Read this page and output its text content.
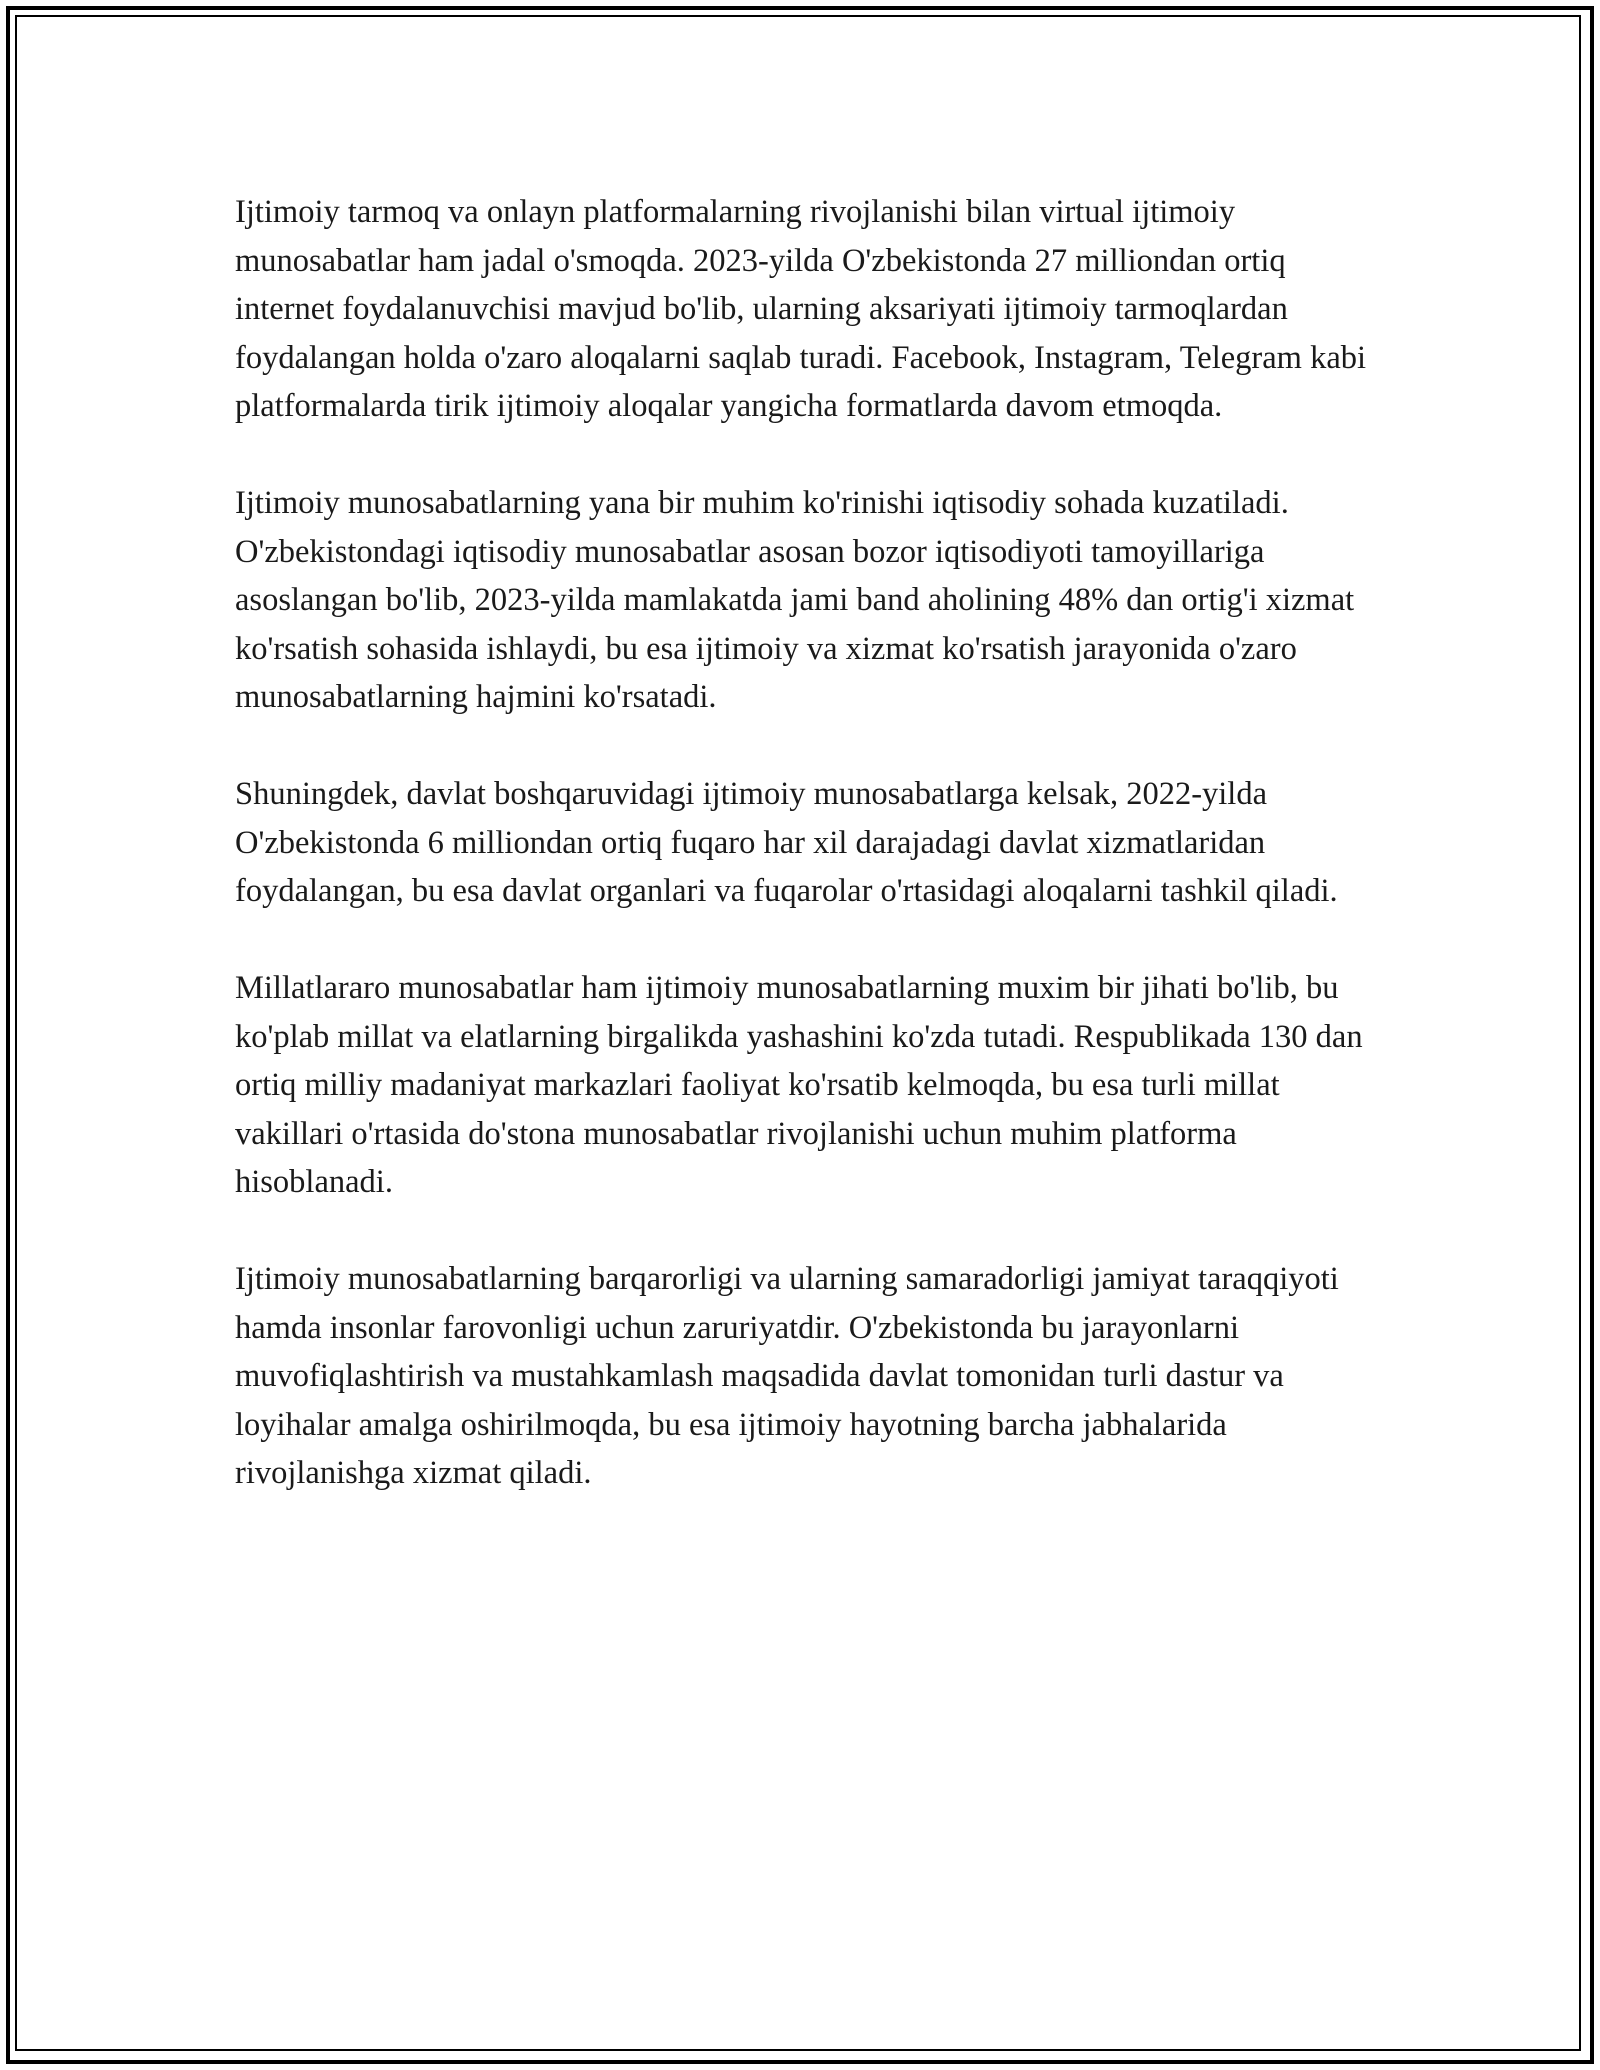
Ijtimoiy tarmoq va onlayn platformalarning rivojlanishi bilan virtual ijtimoiy munosabatlar ham jadal o'smoqda. 2023-yilda O'zbekistonda 27 milliondan ortiq internet foydalanuvchisi mavjud bo'lib, ularning aksariyati ijtimoiy tarmoqlardan foydalangan holda o'zaro aloqalarni saqlab turadi. Facebook, Instagram, Telegram kabi platformalarda tirik ijtimoiy aloqalar yangicha formatlarda davom etmoqda.

Ijtimoiy munosabatlarning yana bir muhim ko'rinishi iqtisodiy sohada kuzatiladi. O'zbekistondagi iqtisodiy munosabatlar asosan bozor iqtisodiyoti tamoyillariga asoslangan bo'lib, 2023-yilda mamlakatda jami band aholining 48% dan ortig'i xizmat ko'rsatish sohasida ishlaydi, bu esa ijtimoiy va xizmat ko'rsatish jarayonida o'zaro munosabatlarning hajmini ko'rsatadi.

Shuningdek, davlat boshqaruvidagi ijtimoiy munosabatlarga kelsak, 2022-yilda O'zbekistonda 6 milliondan ortiq fuqaro har xil darajadagi davlat xizmatlaridan foydalangan, bu esa davlat organlari va fuqarolar o'rtasidagi aloqalarni tashkil qiladi.

Millatlararo munosabatlar ham ijtimoiy munosabatlarning muxim bir jihati bo'lib, bu ko'plab millat va elatlarning birgalikda yashashini ko'zda tutadi. Respublikada 130 dan ortiq milliy madaniyat markazlari faoliyat ko'rsatib kelmoqda, bu esa turli millat vakillari o'rtasida do'stona munosabatlar rivojlanishi uchun muhim platforma hisoblanadi.

Ijtimoiy munosabatlarning barqarorligi va ularning samaradorligi jamiyat taraqqiyoti hamda insonlar farovonligi uchun zaruriyatdir. O'zbekistonda bu jarayonlarni muvofiqlashtirish va mustahkamlash maqsadida davlat tomonidan turli dastur va loyihalar amalga oshirilmoqda, bu esa ijtimoiy hayotning barcha jabhalarida rivojlanishga xizmat qiladi.
